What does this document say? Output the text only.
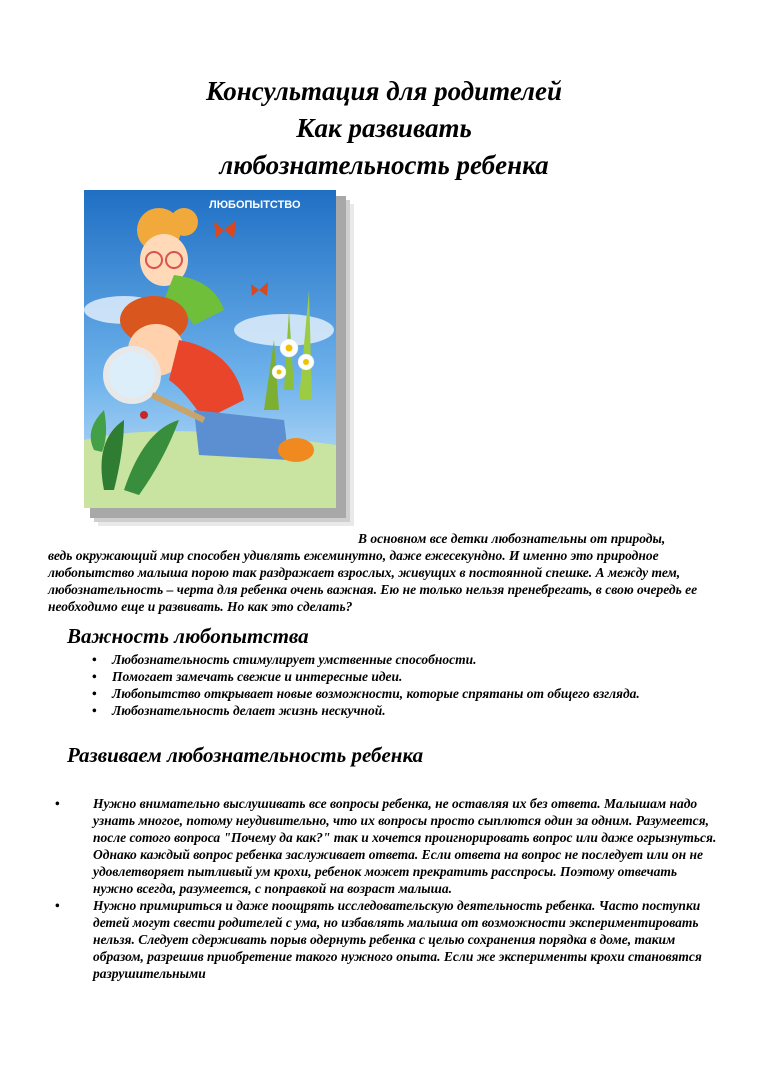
Консультация для родителей
Как развивать
любознательность ребенка
ЛЮБОПЫТСТВО
В основном все детки любознательны от природы,
ведь окружающий мир способен удивлять ежеминутно, даже ежесекундно. И именно это природное любопытство малыша порою так раздражает взрослых, живущих в постоянной спешке. А между тем, любознательность – черта для ребенка очень важная. Ею не только нельзя пренебрегать, в свою очередь ее необходимо еще и развивать. Но как это сделать?
Важность любопытства
• Любознательность стимулирует умственные способности.
• Помогает замечать свежие и интересные идеи.
• Любопытство открывает новые возможности, которые спрятаны от общего взгляда.
• Любознательность делает жизнь нескучной.
Развиваем любознательность ребенка
• Нужно внимательно выслушивать все вопросы ребенка, не оставляя их без ответа. Малышам надо узнать многое, потому неудивительно, что их вопросы просто сыплются один за одним. Разумеется, после сотого вопроса "Почему да как?" так и хочется проигнорировать вопрос или даже огрызнуться. Однако каждый вопрос ребенка заслуживает ответа. Если ответа на вопрос не последует или он не удовлетворяет пытливый ум крохи, ребенок может прекратить расспросы. Поэтому отвечать нужно всегда, разумеется, с поправкой на возраст малыша.
• Нужно примириться и даже поощрять исследовательскую деятельность ребенка. Часто поступки детей могут свести родителей с ума, но избавлять малыша от возможности экспериментировать нельзя. Следует сдерживать порыв одернуть ребенка с целью сохранения порядка в доме, таким образом, разрешив приобретение такого нужного опыта. Если же эксперименты крохи становятся разрушительными
